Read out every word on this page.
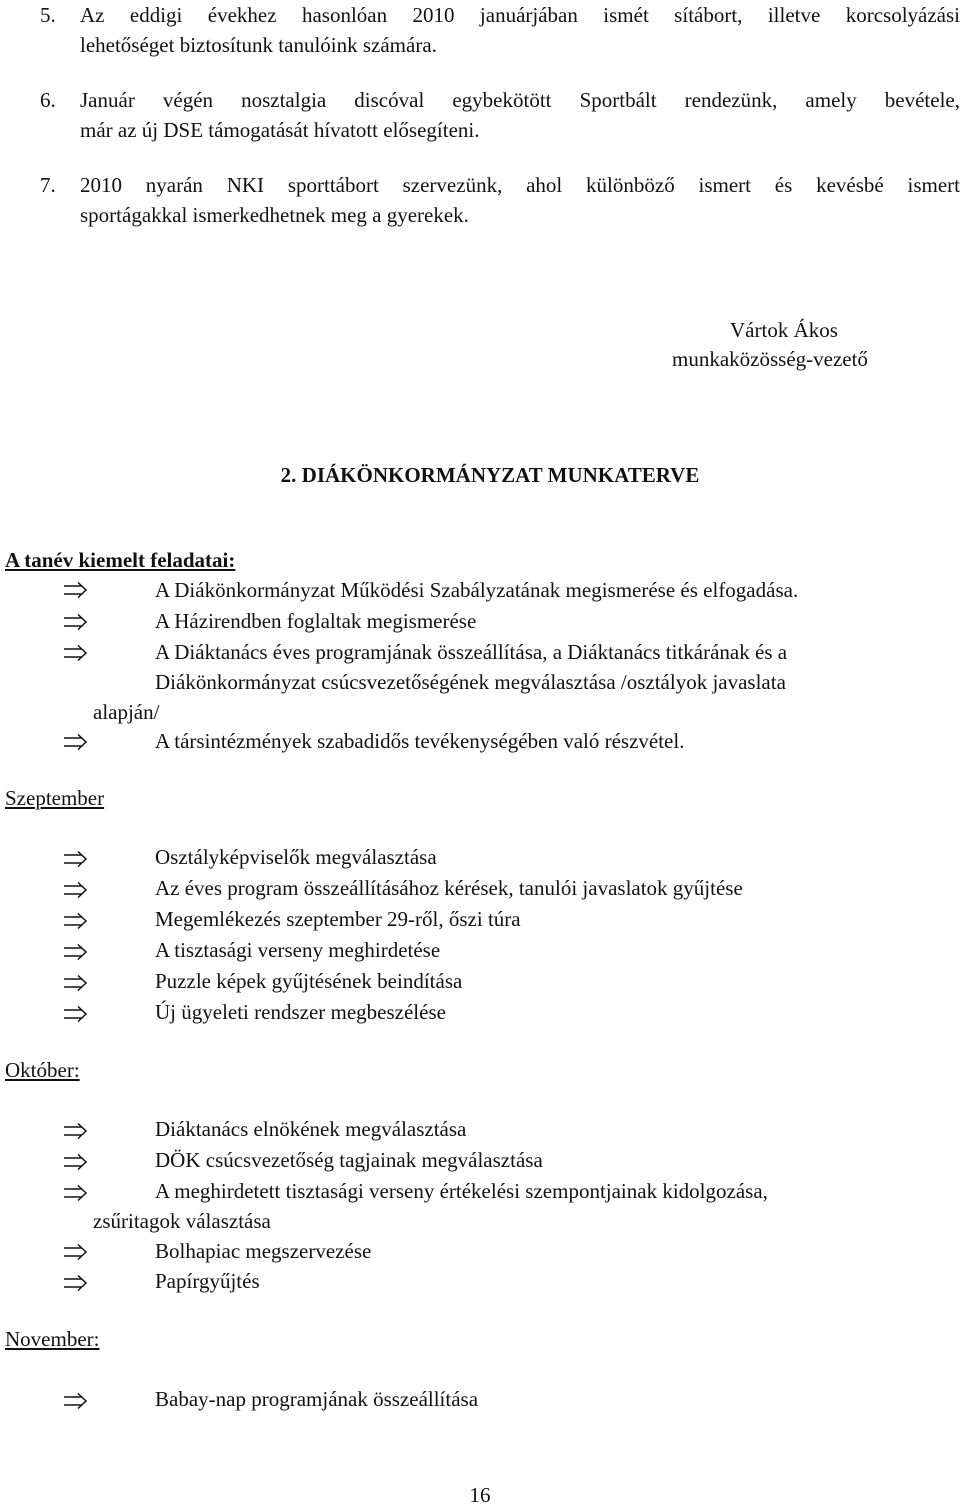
5. Az eddigi évekhez hasonlóan 2010 januárjában ismét sítábort, illetve korcsolyázási
lehetőséget biztosítunk tanulóink számára.
6. Január végén nosztalgia discóval egybekötött Sportbált rendezünk, amely bevétele,
már az új DSE támogatását hívatott elősegíteni.
7. 2010 nyarán NKI sporttábort szervezünk, ahol különböző ismert és kevésbé ismert
sportágakkal ismerkedhetnek meg a gyerekek.
Vártok Ákos
munkaközösség-vezető
2. DIÁKÖNKORMÁNYZAT MUNKATERVE
A tanév kiemelt feladatai:
A Diákönkormányzat Működési Szabályzatának megismerése és elfogadása.
A Házirendben foglaltak megismerése
A Diáktanács éves programjának összeállítása, a Diáktanács titkárának és a
Diákönkormányzat csúcsvezetőségének megválasztása /osztályok javaslata
alapján/
A társintézmények szabadidős tevékenységében való részvétel.
Szeptember
Osztályképviselők megválasztása
Az éves program összeállításához kérések, tanulói javaslatok gyűjtése
Megemlékezés szeptember 29-ről, őszi túra
A tisztasági verseny meghirdetése
Puzzle képek gyűjtésének beindítása
Új ügyeleti rendszer megbeszélése
Október:
Diáktanács elnökének megválasztása
DÖK csúcsvezetőség tagjainak megválasztása
A meghirdetett tisztasági verseny értékelési szempontjainak kidolgozása,
zsűritagok választása
Bolhapiac megszervezése
Papírgyűjtés
November:
Babay-nap programjának összeállítása
16
